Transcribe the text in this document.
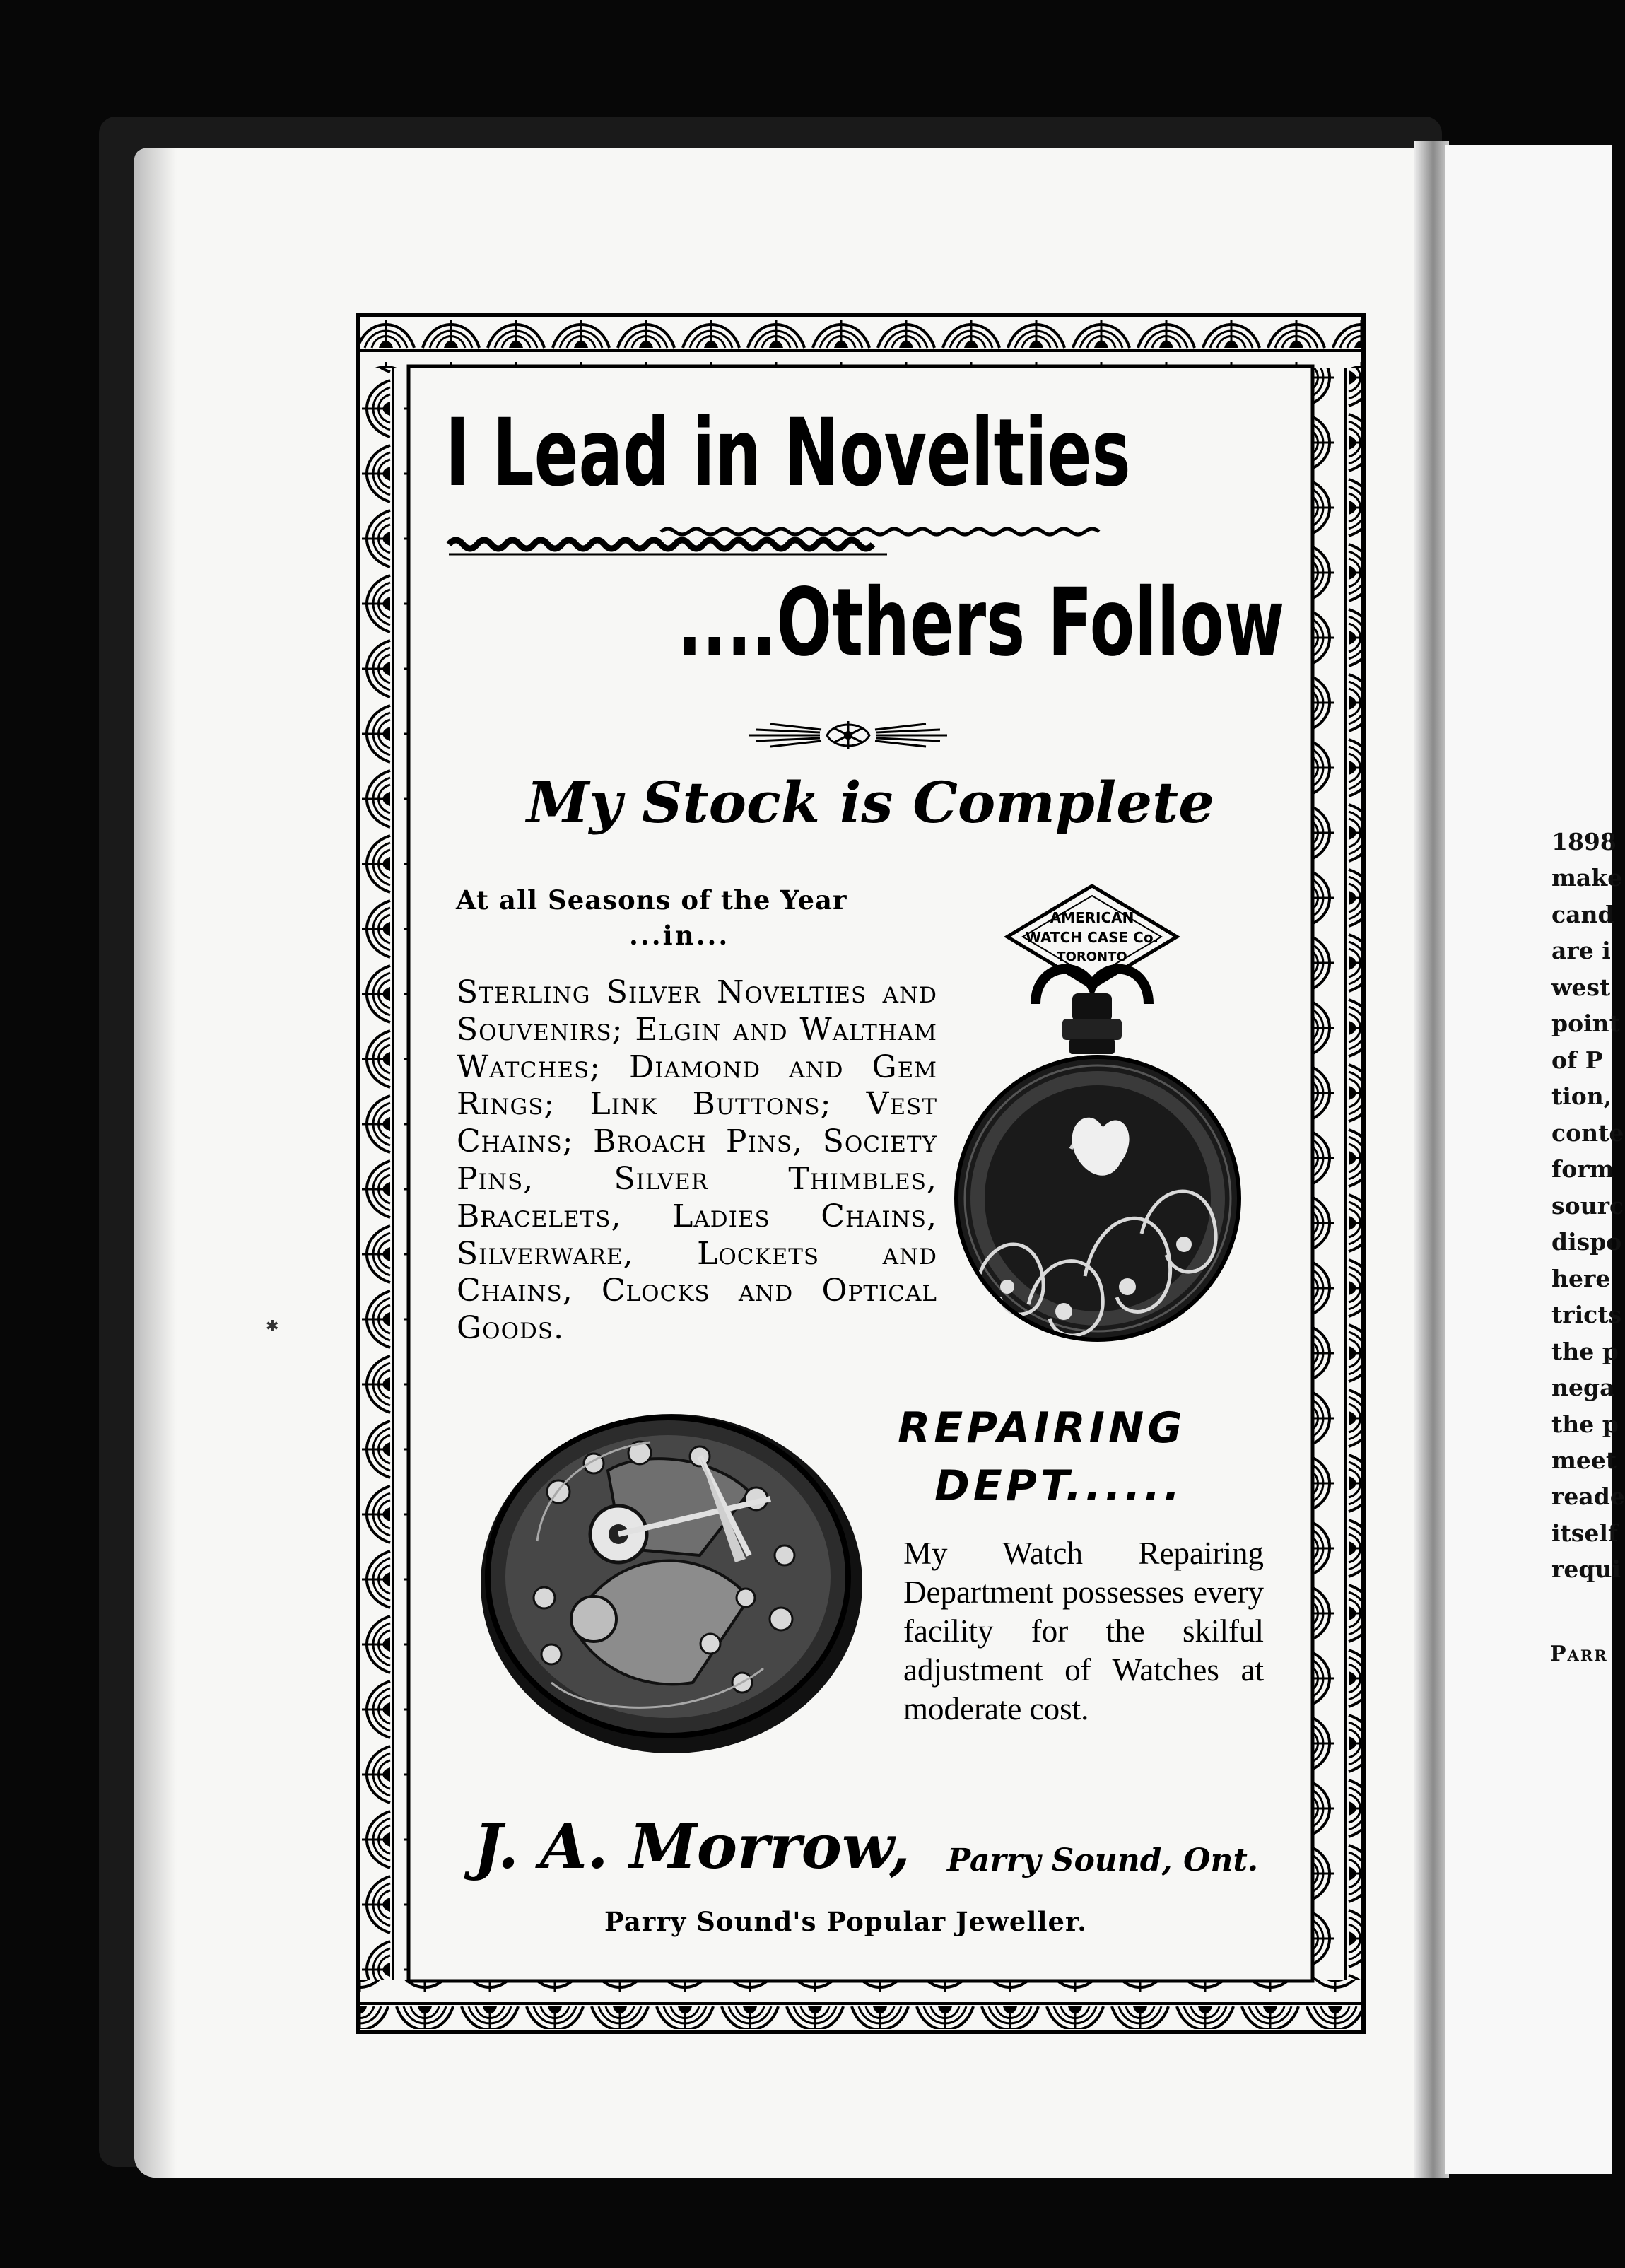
✱
I Lead in Novelties
....Others Follow
My Stock is Complete
At all Seasons of the Year
...in...

Sterling Silver Novelties and Souvenirs; Elgin and Waltham Watches; Diamond and Gem Rings; Link Buttons; Vest Chains; Broach Pins, Society Pins, Silver Thimbles, Bracelets, Ladies Chains, Silverware, Lockets and Chains, Clocks and Optical Goods.

AMERICAN
WATCH CASE Co.
TORONTO
REPAIRING
DEPT......

My Watch Repairing Department possesses every facility for the skilful adjustment of Watches at moderate cost.

J. A. Morrow, Parry Sound, Ont.
Parry Sound's Popular Jeweller.
1898
make
cand
are i
west
point
of P
tion,
conte
form
sourc
dispo
here
tricts
the p
nega
the p
meet
reade
itself
requi
Parr
